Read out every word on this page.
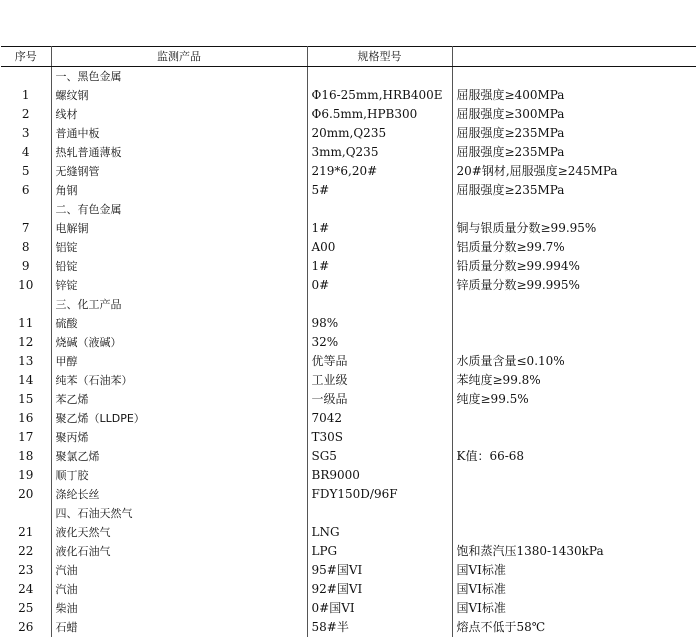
序号	监测产品	规格型号	
	一、黑色金属		
1	螺纹钢	Φ16-25mm,HRB400E	屈服强度≥400MPa
2	线材	Φ6.5mm,HPB300	屈服强度≥300MPa
3	普通中板	20mm,Q235	屈服强度≥235MPa
4	热轧普通薄板	3mm,Q235	屈服强度≥235MPa
5	无缝钢管	219*6,20#	20#钢材,屈服强度≥245MPa
6	角钢	5#	屈服强度≥235MPa
	二、有色金属		
7	电解铜	1#	铜与银质量分数≥99.95%
8	铝锭	A00	铝质量分数≥99.7%
9	铅锭	1#	铅质量分数≥99.994%
10	锌锭	0#	锌质量分数≥99.995%
	三、化工产品		
11	硫酸	98%	
12	烧碱（液碱）	32%	
13	甲醇	优等品	水质量含量≤0.10%
14	纯苯（石油苯）	工业级	苯纯度≥99.8%
15	苯乙烯	一级品	纯度≥99.5%
16	聚乙烯（LLDPE）	7042	
17	聚丙烯	T30S	
18	聚氯乙烯	SG5	K值：66-68
19	顺丁胶	BR9000	
20	涤纶长丝	FDY150D/96F	
	四、石油天然气		
21	液化天然气	LNG	
22	液化石油气	LPG	饱和蒸汽压1380-1430kPa
23	汽油	95#国VI	国VI标准
24	汽油	92#国VI	国VI标准
25	柴油	0#国VI	国VI标准
26	石蜡	58#半	熔点不低于58℃
